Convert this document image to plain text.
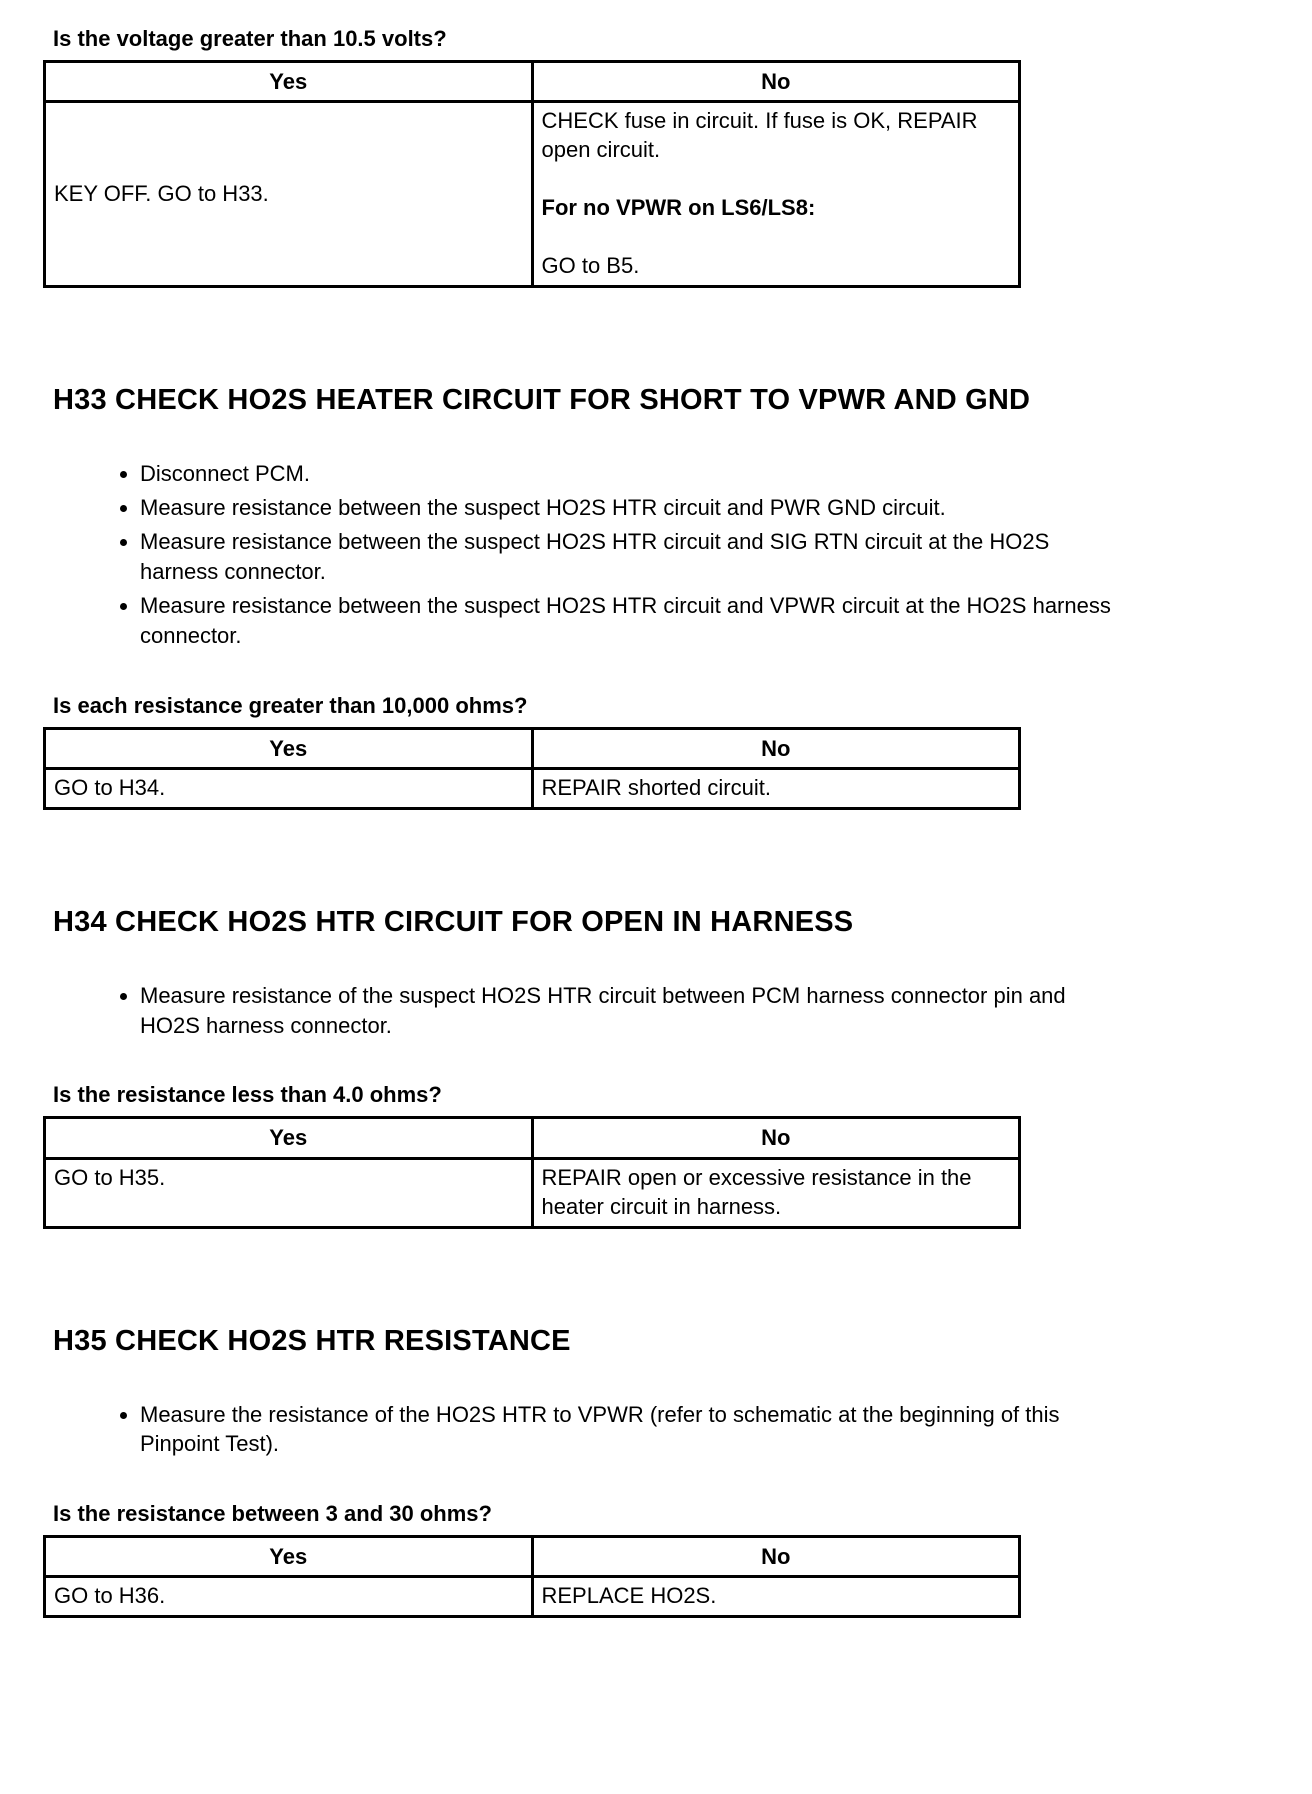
Is the voltage greater than 10.5 volts?

Yes	No
KEY OFF. GO to H33.	CHECK fuse in circuit. If fuse is OK, REPAIR open circuit.

For no VPWR on LS6/LS8:

GO to B5.

H33 CHECK HO2S HEATER CIRCUIT FOR SHORT TO VPWR AND GND
• Disconnect PCM.
• Measure resistance between the suspect HO2S HTR circuit and PWR GND circuit.
• Measure resistance between the suspect HO2S HTR circuit and SIG RTN circuit at the HO2S harness connector.
• Measure resistance between the suspect HO2S HTR circuit and VPWR circuit at the HO2S harness connector.

Is each resistance greater than 10,000 ohms?

Yes	No
GO to H34.	REPAIR shorted circuit.
H34 CHECK HO2S HTR CIRCUIT FOR OPEN IN HARNESS
• Measure resistance of the suspect HO2S HTR circuit between PCM harness connector pin and HO2S harness connector.

Is the resistance less than 4.0 ohms?

Yes	No
GO to H35.	REPAIR open or excessive resistance in the heater circuit in harness.
H35 CHECK HO2S HTR RESISTANCE
• Measure the resistance of the HO2S HTR to VPWR (refer to schematic at the beginning of this Pinpoint Test).

Is the resistance between 3 and 30 ohms?

Yes	No
GO to H36.	REPLACE HO2S.
